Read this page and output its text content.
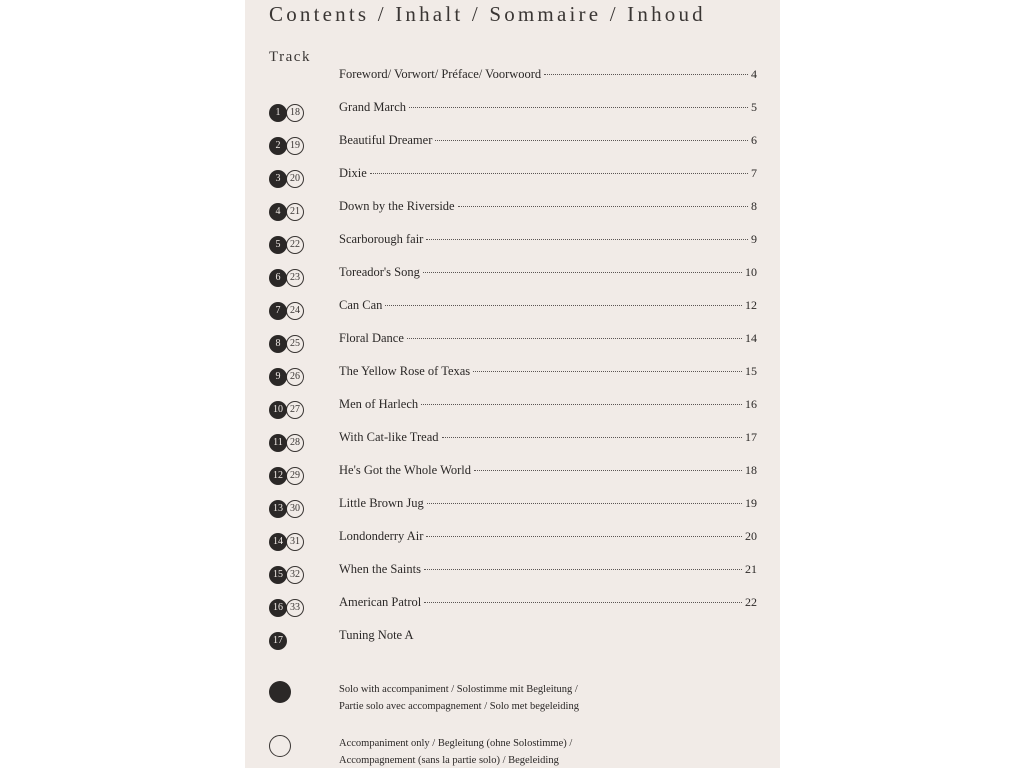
Contents / Inhalt / Sommaire / Inhoud
Track
Foreword/ Vorwort/ Préface/ Voorwoord	4
1 18	Grand March	5
2 19	Beautiful Dreamer	6
3 20	Dixie	7
4 21	Down by the Riverside	8
5 22	Scarborough fair	9
6 23	Toreador's Song	10
7 24	Can Can	12
8 25	Floral Dance	14
9 26	The Yellow Rose of Texas	15
10 27	Men of Harlech	16
11 28	With Cat-like Tread	17
12 29	He's Got the Whole World	18
13 30	Little Brown Jug	19
14 31	Londonderry Air	20
15 32	When the Saints	21
16 33	American Patrol	22
17	Tuning Note A
Solo with accompaniment / Solostimme mit Begleitung /
Partie solo avec accompagnement / Solo met begeleiding
Accompaniment only / Begleitung (ohne Solostimme) /
Accompagnement (sans la partie solo) / Begeleiding
